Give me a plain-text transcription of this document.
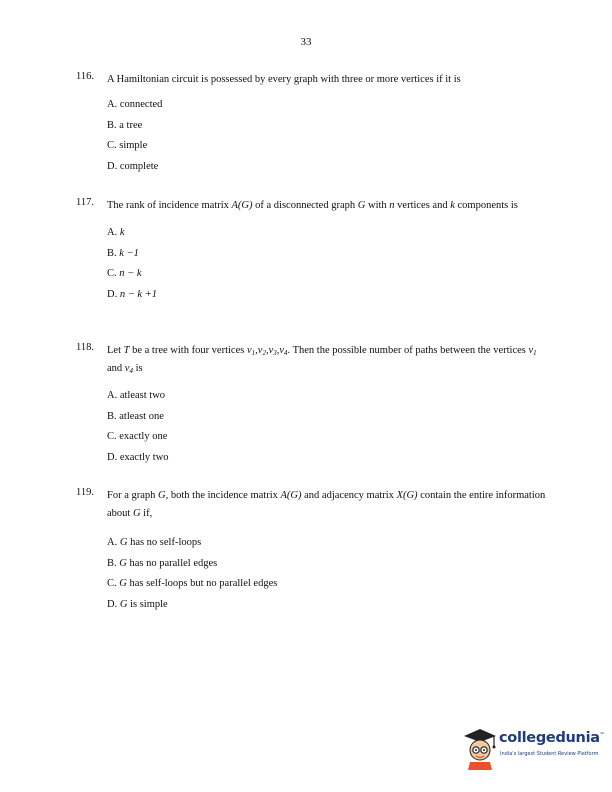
33
116.	A Hamiltonian circuit is possessed by every graph with three or more vertices if it is
A. connected
B. a tree
C. simple
D. complete
117.	The rank of incidence matrix A(G) of a disconnected graph G with n vertices and k components is
A. k
B. k −1
C. n − k
D. n − k +1
118.	Let T be a tree with four vertices $v_1,v_2,v_3,v_4$. Then the possible number of paths between the vertices $v_1$ and $v_4$ is
A. atleast two
B. atleast one
C. exactly one
D. exactly two
119.	For a graph G, both the incidence matrix A(G) and adjacency matrix X(G) contain the entire information about G if,
A. G has no self-loops
B. G has no parallel edges
C. G has self-loops but no parallel edges
D. G is simple
collegedunia™
India's largest Student Review Platform
